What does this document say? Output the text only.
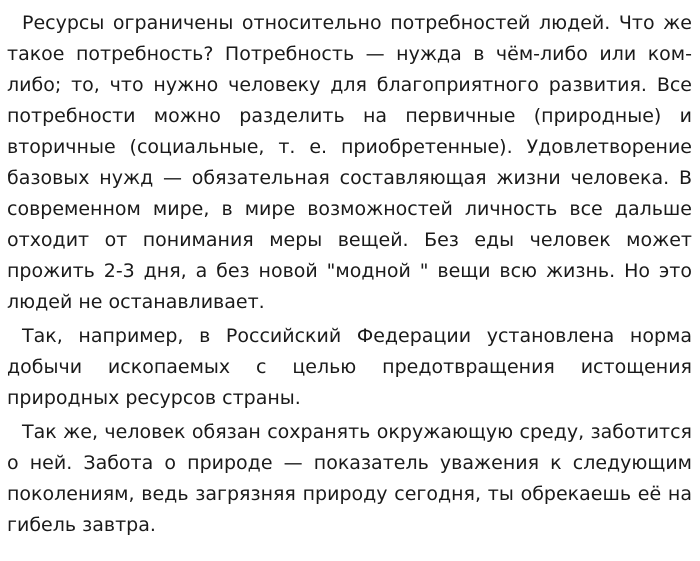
Ресурсы ограничены относительно потребностей людей. Что же такое потребность? Потребность — нужда в чём-либо или ком-либо; то, что нужно человеку для благоприятного развития. Все потребности можно разделить на первичные (природные) и вторичные (социальные, т. е. приобретенные). Удовлетворение базовых нужд — обязательная составляющая жизни человека. В современном мире, в мире возможностей личность все дальше отходит от понимания меры вещей. Без еды человек может прожить 2-3 дня, а без новой "модной " вещи всю жизнь. Но это людей не останавливает.

Так, например, в Российский Федерации установлена норма добычи ископаемых с целью предотвращения истощения природных ресурсов страны.

Так же, человек обязан сохранять окружающую среду, заботится о ней. Забота о природе — показатель уважения к следующим поколениям, ведь загрязняя природу сегодня, ты обрекаешь её на гибель завтра.
